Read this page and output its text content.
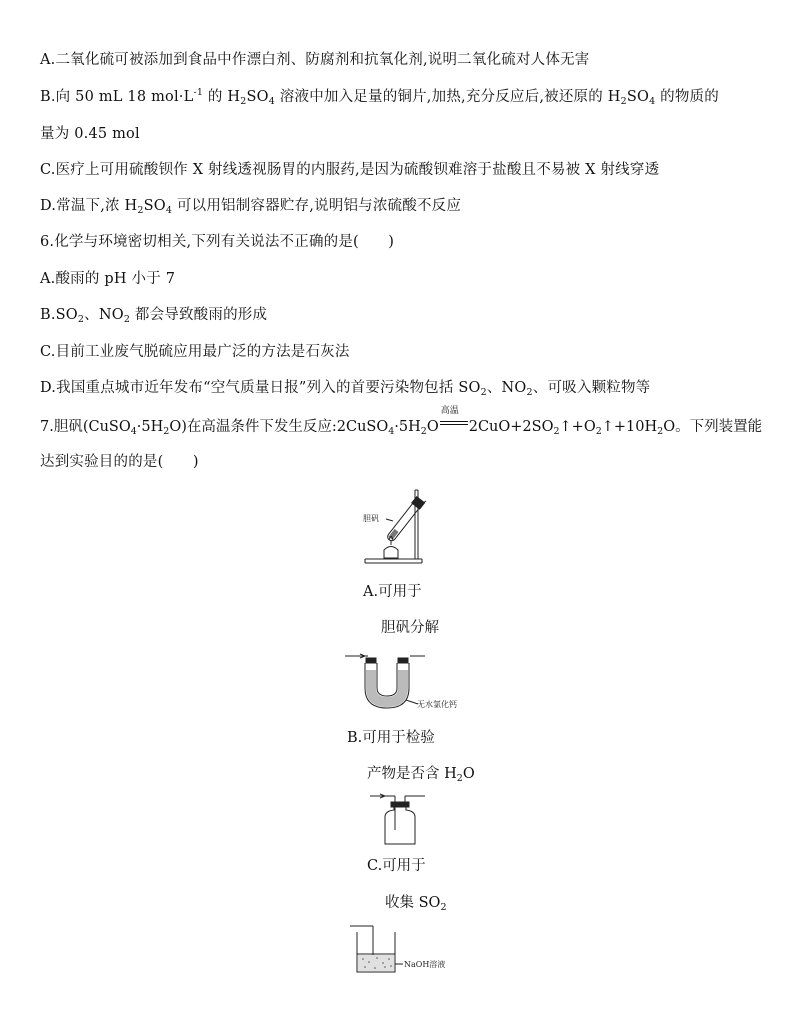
A.二氧化硫可被添加到食品中作漂白剂、防腐剂和抗氧化剂,说明二氧化硫对人体无害

B.向 50 mL 18 $mol\cdot L^{-1}$ 的 $H_2SO_4$ 溶液中加入足量的铜片,加热,充分反应后,被还原的 $H_2SO_4$ 的物质的

量为 0.45 mol

C.医疗上可用硫酸钡作 X 射线透视肠胃的内服药,是因为硫酸钡难溶于盐酸且不易被 X 射线穿透

D.常温下,浓 $H_2SO_4$ 可以用铝制容器贮存,说明铝与浓硫酸不反应

6.化学与环境密切相关,下列有关说法不正确的是(　　)

A.酸雨的 pH 小于 7

$B.SO_2$、$NO_2$ 都会导致酸雨的形成

C.目前工业废气脱硫应用最广泛的方法是石灰法

D.我国重点城市近年发布“空气质量日报”列入的首要污染物包括 $SO_2$、$NO_2$、可吸入颗粒物等

7.胆矾$(CuSO_4\cdot 5H_2O)$在高温条件下发生反应$:2CuSO_4\cdot 5H_2O$
高温
$2CuO+2SO_2↑+O_2↑+10H_2O$。下列装置能

达到实验目的的是(　　)

胆矾

A.可用于

胆矾分解

无水氯化钙

B.可用于检验

产物是否含 $H_2O$

C.可用于

收集 $SO_2$

NaOH溶液
